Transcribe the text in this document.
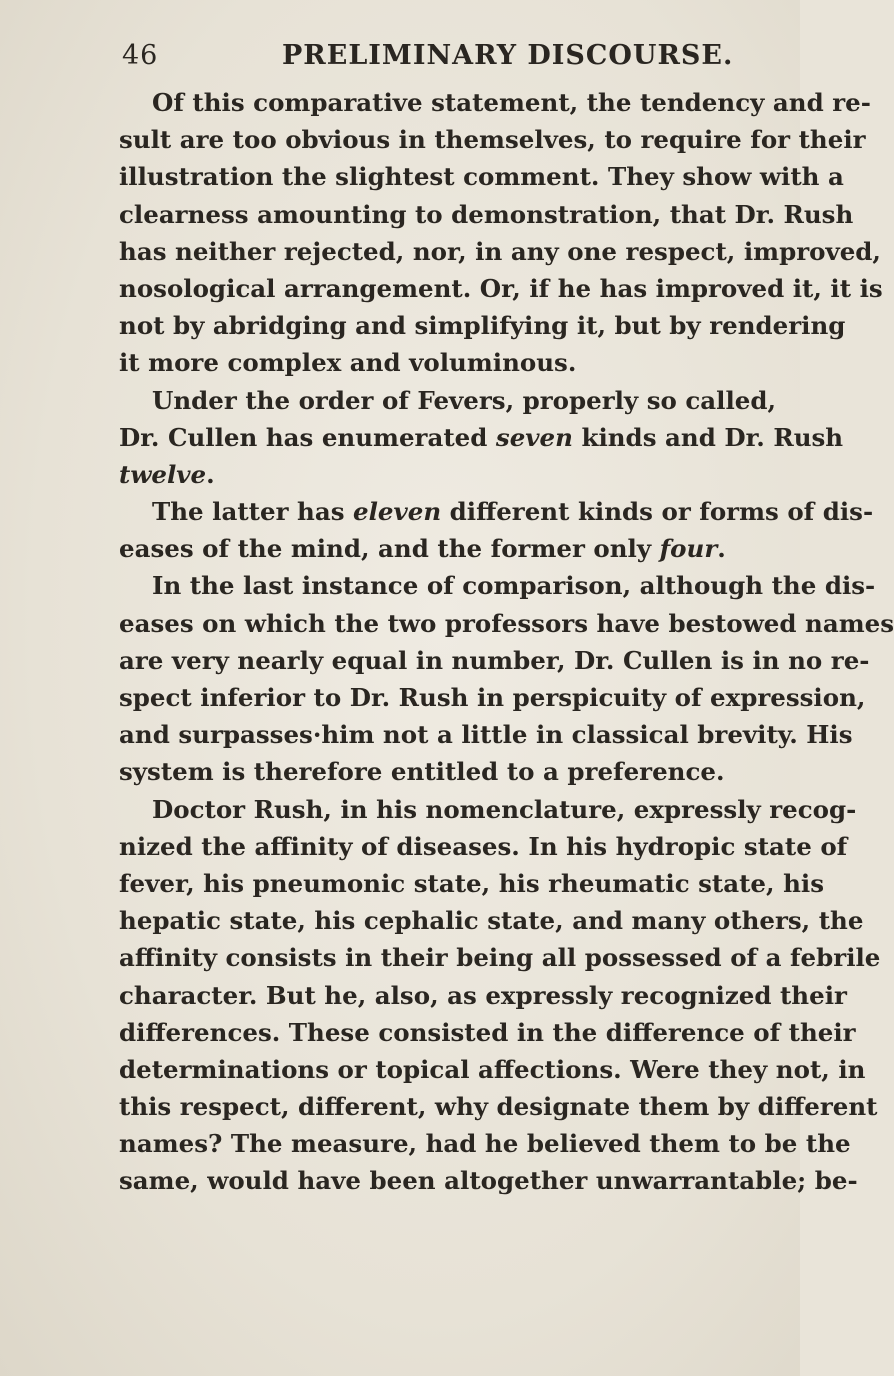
46	PRELIMINARY DISCOURSE.
Of this comparative statement, the tendency and re-
sult are too obvious in themselves, to require for their
illustration the slightest comment. They show with a
clearness amounting to demonstration, that Dr. Rush
has neither rejected, nor, in any one respect, improved,
nosological arrangement. Or, if he has improved it, it is
not by abridging and simplifying it, but by rendering
it more complex and voluminous.
Under the order of Fevers, properly so called,
Dr. Cullen has enumerated seven kinds and Dr. Rush
twelve.
The latter has eleven different kinds or forms of dis-
eases of the mind, and the former only four.
In the last instance of comparison, although the dis-
eases on which the two professors have bestowed names
are very nearly equal in number, Dr. Cullen is in no re-
spect inferior to Dr. Rush in perspicuity of expression,
and surpasses·him not a little in classical brevity. His
system is therefore entitled to a preference.
Doctor Rush, in his nomenclature, expressly recog-
nized the affinity of diseases. In his hydropic state of
fever, his pneumonic state, his rheumatic state, his
hepatic state, his cephalic state, and many others, the
affinity consists in their being all possessed of a febrile
character. But he, also, as expressly recognized their
differences. These consisted in the difference of their
determinations or topical affections. Were they not, in
this respect, different, why designate them by different
names? The measure, had he believed them to be the
same, would have been altogether unwarrantable; be-
